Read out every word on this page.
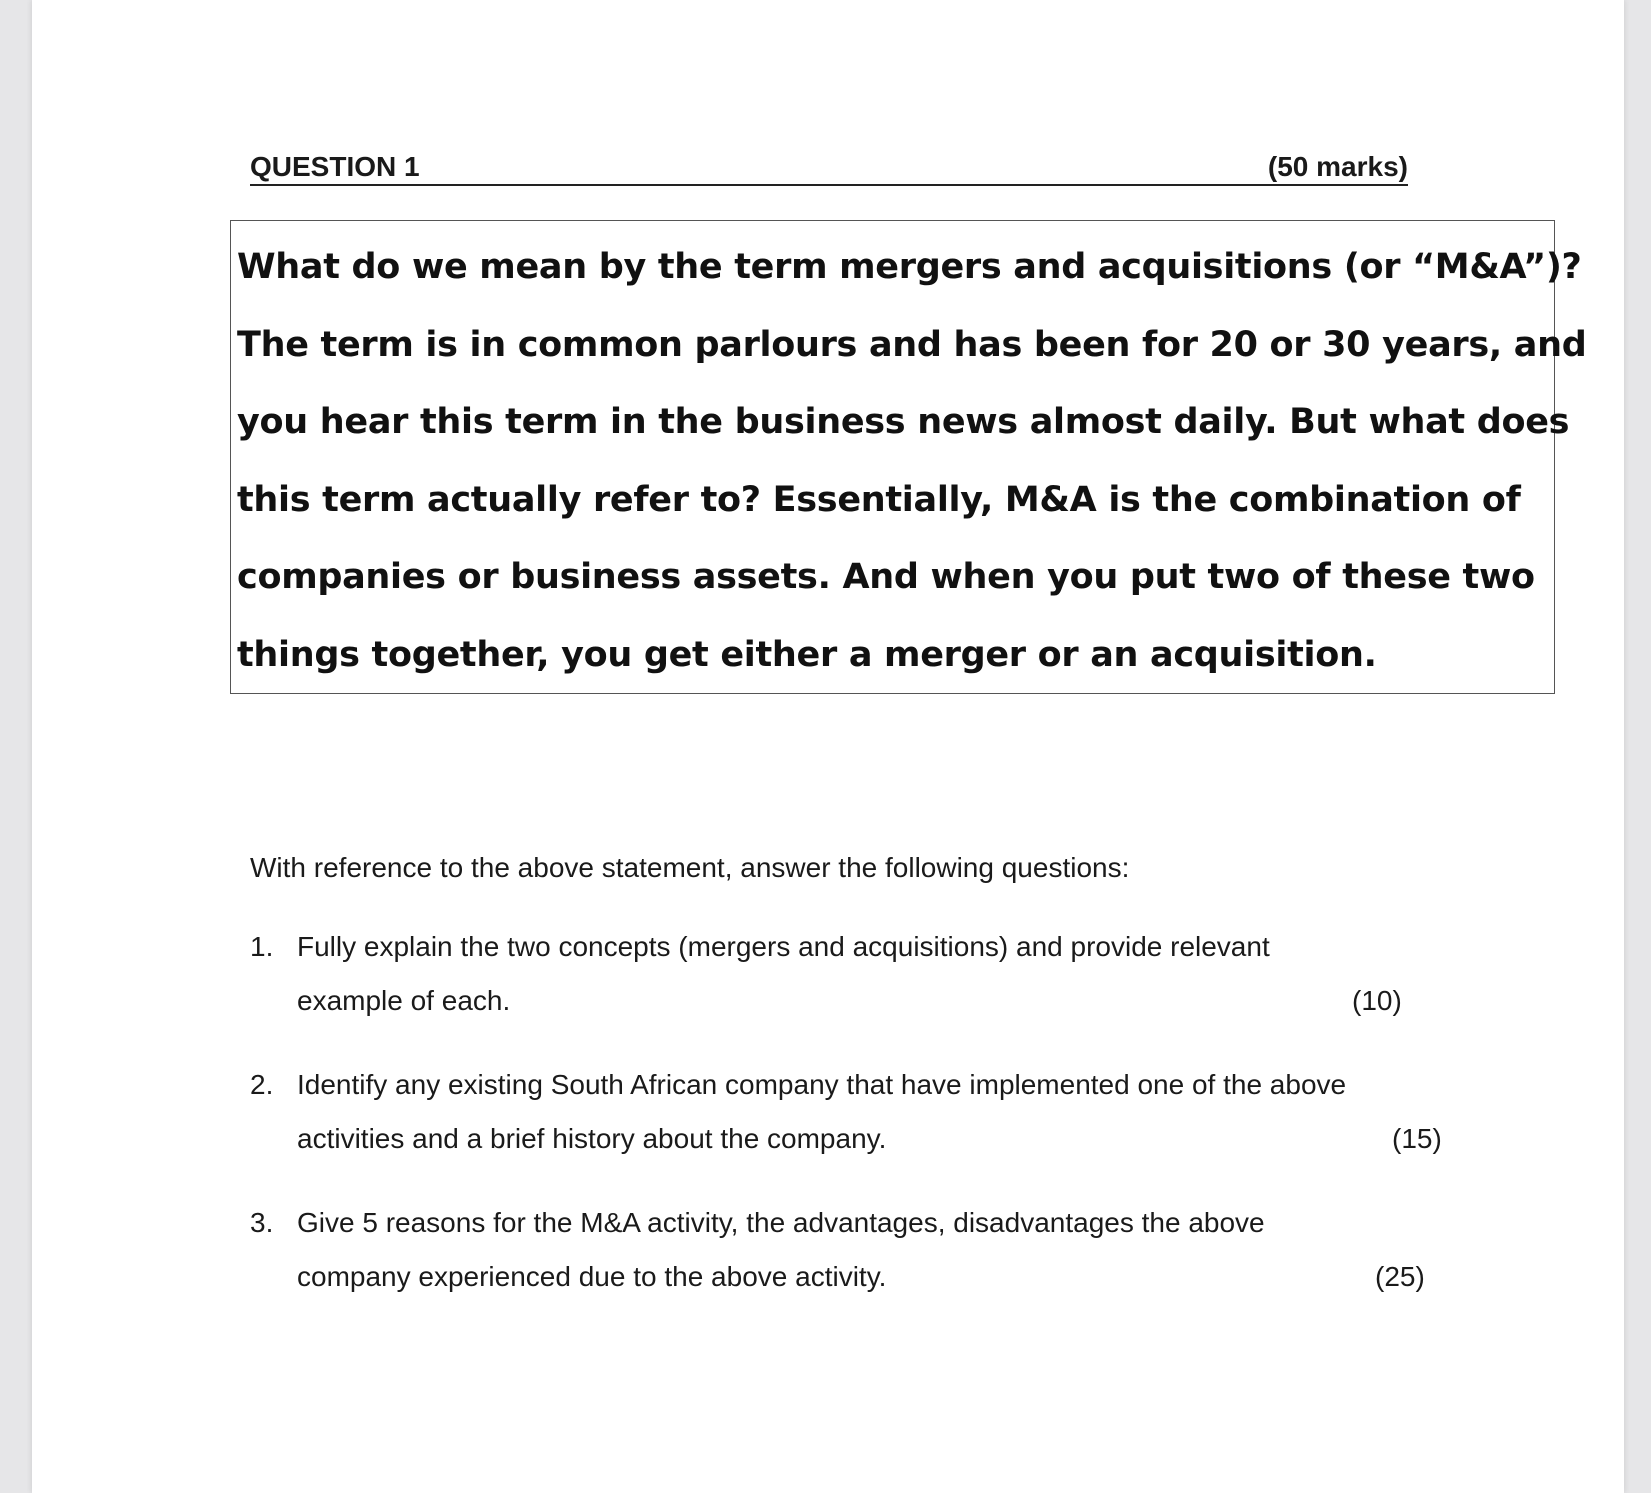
QUESTION 1	(50 marks)
What do we mean by the term mergers and acquisitions (or “M&A”)?
The term is in common parlours and has been for 20 or 30 years, and
you hear this term in the business news almost daily. But what does
this term actually refer to? Essentially, M&A is the combination of
companies or business assets. And when you put two of these two
things together, you get either a merger or an acquisition.
With reference to the above statement, answer the following questions:
1. Fully explain the two concepts (mergers and acquisitions) and provide relevant
example of each.	(10)
2. Identify any existing South African company that have implemented one of the above
activities and a brief history about the company.	(15)
3. Give 5 reasons for the M&A activity, the advantages, disadvantages the above
company experienced due to the above activity.	(25)
